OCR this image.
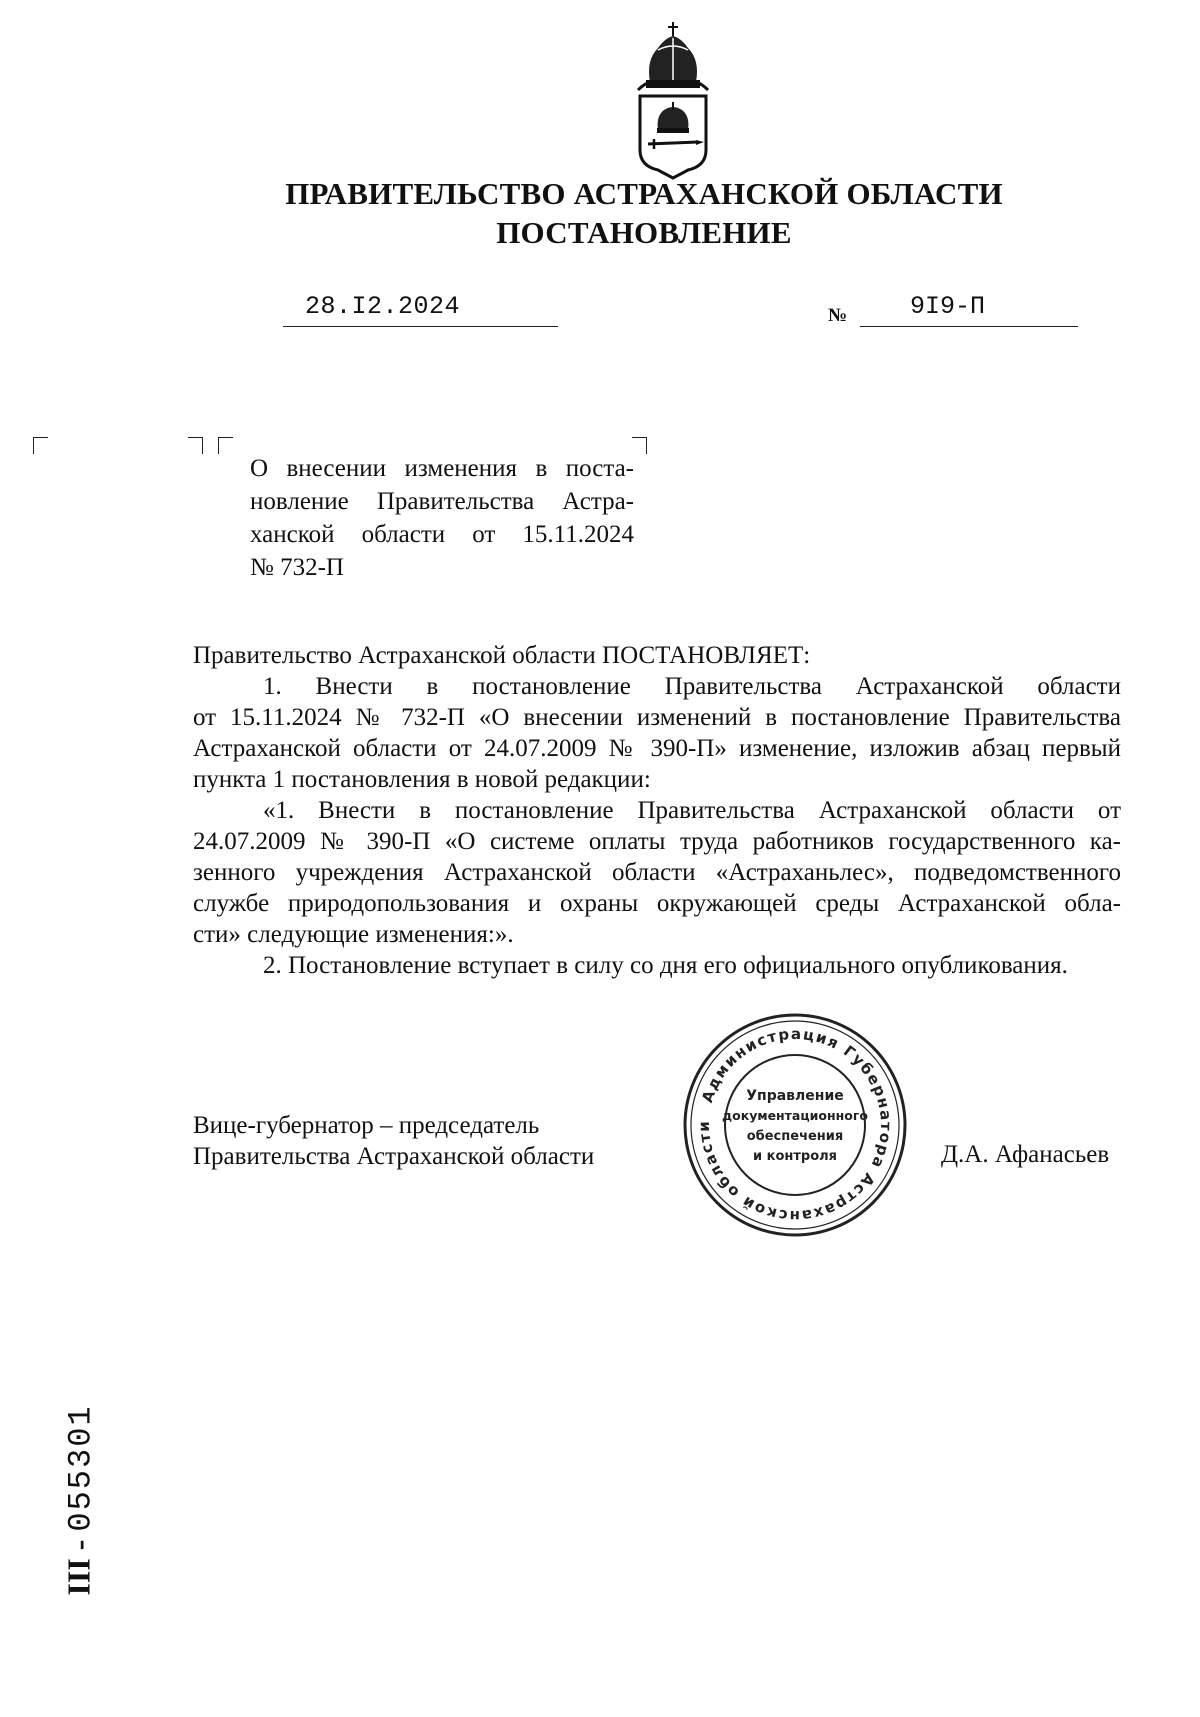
ПРАВИТЕЛЬСТВО АСТРАХАНСКОЙ ОБЛАСТИ
ПОСТАНОВЛЕНИЕ
28.I2.2024	№	9I9-П

О внесении изменения в поста-
новление Правительства Астра-
ханской области от 15.11.2024
№ 732-П

Правительство Астраханской области ПОСТАНОВЛЯЕТ:
1. Внести в постановление Правительства Астраханской области
от 15.11.2024 № 732-П «О внесении изменений в постановление Правительства
Астраханской области от 24.07.2009 № 390-П» изменение, изложив абзац первый
пункта 1 постановления в новой редакции:
«1. Внести в постановление Правительства Астраханской области от
24.07.2009 № 390-П «О системе оплаты труда работников государственного ка-
зенного учреждения Астраханской области «Астраханьлес», подведомственного
службе природопользования и охраны окружающей среды Астраханской обла-
сти» следующие изменения:».
2. Постановление вступает в силу со дня его официального опубликования.

Вице-губернатор – председатель
Правительства Астраханской области

Администрация Губернатора Астраханской области
Управление
документационного
обеспечения
и контроля	Д.А. Афанасьев

III - 055301
